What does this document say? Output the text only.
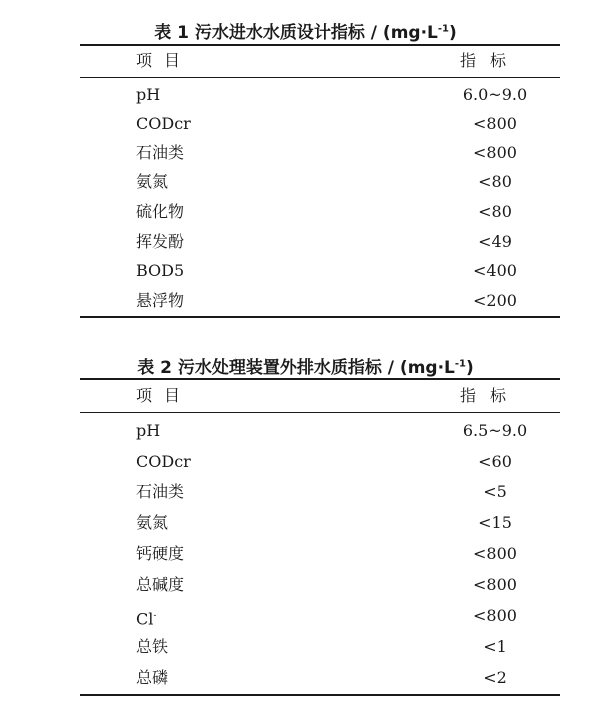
表 1 污水进水水质设计指标 / $(mg\cdot L^{-1})$
项目	指标
pH	6.0~9.0
CODcr	<800
石油类	<800
氨氮	<80
硫化物	<80
挥发酚	<49
BOD5	<400
悬浮物	<200
表 2 污水处理装置外排水质指标 / $(mg\cdot L^{-1})$
项目	指标
pH	6.5~9.0
CODcr	<60
石油类	<5
氨氮	<15
钙硬度	<800
总碱度	<800
Cl-	<800
总铁	<1
总磷	<2
